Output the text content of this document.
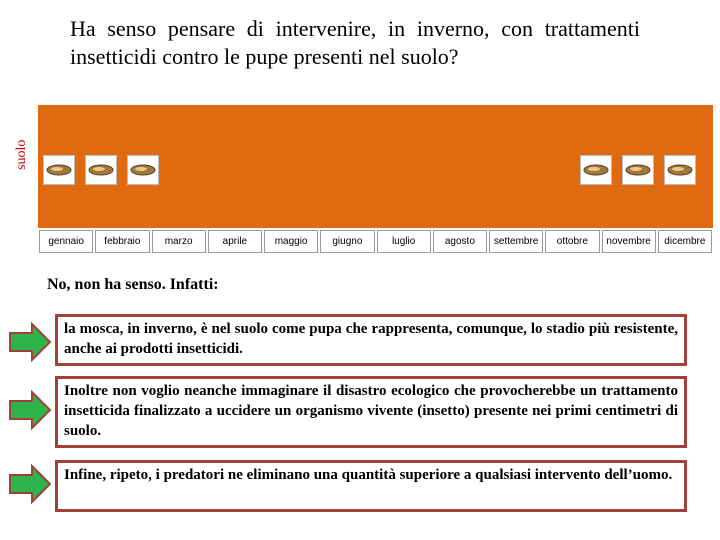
Ha senso pensare di intervenire, in inverno, con trattamenti insetticidi contro le pupe presenti nel suolo?
suolo
gennaio	febbraio	marzo	aprile	maggio	giugno	luglio	agosto	settembre	ottobre	novembre	dicembre
No, non ha senso. Infatti:
la mosca, in inverno, è nel suolo come pupa che rappresenta, comunque, lo stadio più resistente, anche ai prodotti insetticidi.
Inoltre non voglio neanche immaginare il disastro ecologico che provocherebbe un trattamento insetticida finalizzato a uccidere un organismo vivente (insetto) presente nei primi centimetri di suolo.
Infine, ripeto, i predatori ne eliminano una quantità superiore a qualsiasi intervento dell’uomo.
